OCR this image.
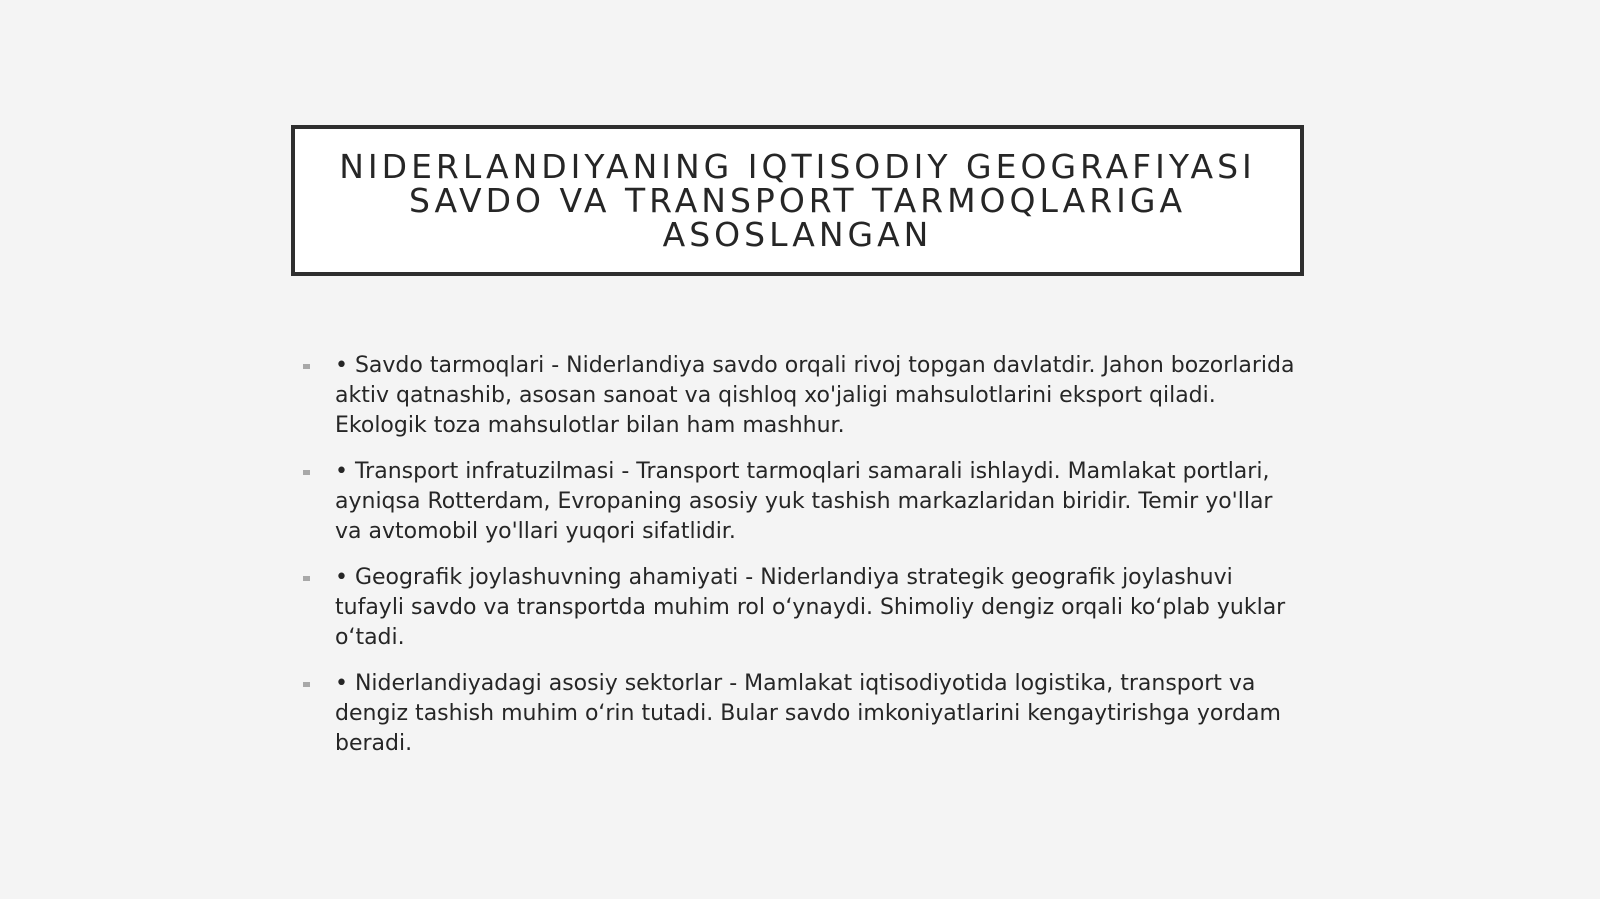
NIDERLANDIYANING IQTISODIY GEOGRAFIYASI SAVDO VA TRANSPORT TARMOQLARIGA ASOSLANGAN
• Savdo tarmoqlari - Niderlandiya savdo orqali rivoj topgan davlatdir. Jahon bozorlarida aktiv qatnashib, asosan sanoat va qishloq xo'jaligi mahsulotlarini eksport qiladi. Ekologik toza mahsulotlar bilan ham mashhur.
• Transport infratuzilmasi - Transport tarmoqlari samarali ishlaydi. Mamlakat portlari, ayniqsa Rotterdam, Evropaning asosiy yuk tashish markazlaridan biridir. Temir yo'llar va avtomobil yo'llari yuqori sifatlidir.
• Geografik joylashuvning ahamiyati - Niderlandiya strategik geografik joylashuvi tufayli savdo va transportda muhim rol o‘ynaydi. Shimoliy dengiz orqali ko‘plab yuklar o‘tadi.
• Niderlandiyadagi asosiy sektorlar - Mamlakat iqtisodiyotida logistika, transport va dengiz tashish muhim o‘rin tutadi. Bular savdo imkoniyatlarini kengaytirishga yordam beradi.
